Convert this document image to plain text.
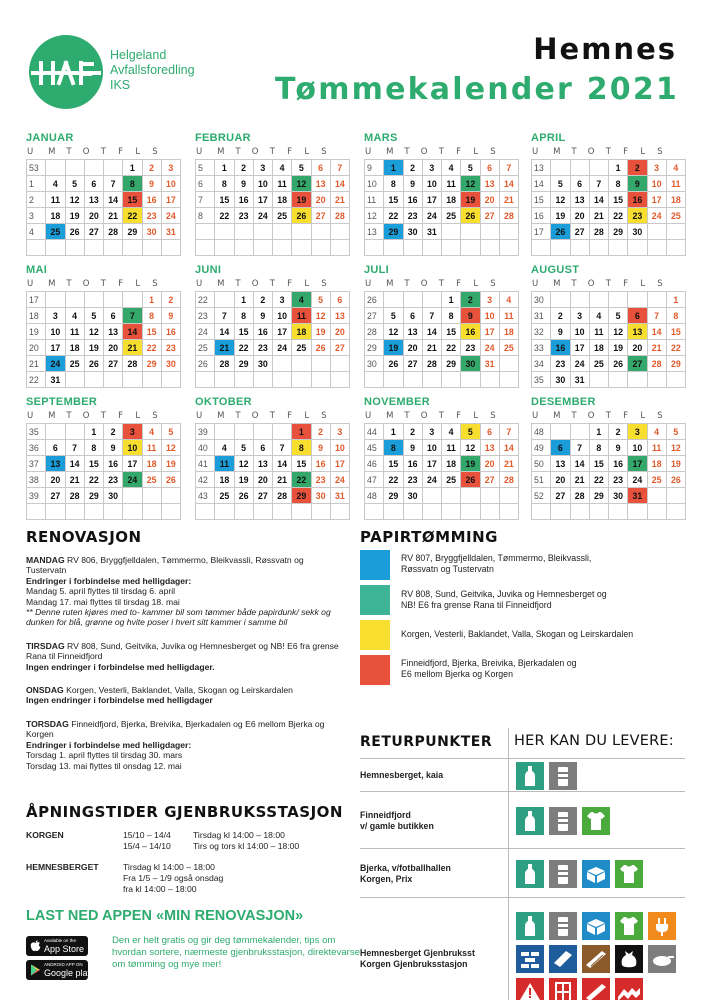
Helgeland
Avfallsforedling
IKS
Hemnes
Tømmekalender 2021
JANUAR
U	M	T	O	T	F	L	S
53					1	2	3
1	4	5	6	7	8	9	10
2	11	12	13	14	15	16	17
3	18	19	20	21	22	23	24
4	25	26	27	28	29	30	31

FEBRUAR
U	M	T	O	T	F	L	S
5	1	2	3	4	5	6	7
6	8	9	10	11	12	13	14
7	15	16	17	18	19	20	21
8	22	23	24	25	26	27	28

MARS
U	M	T	O	T	F	L	S
9	1	2	3	4	5	6	7
10	8	9	10	11	12	13	14
11	15	16	17	18	19	20	21
12	22	23	24	25	26	27	28
13	29	30	31				

APRIL
U	M	T	O	T	F	L	S
13				1	2	3	4
14	5	6	7	8	9	10	11
15	12	13	14	15	16	17	18
16	19	20	21	22	23	24	25
17	26	27	28	29	30		

MAI
U	M	T	O	T	F	L	S
17						1	2
18	3	4	5	6	7	8	9
19	10	11	12	13	14	15	16
20	17	18	19	20	21	22	23
21	24	25	26	27	28	29	30
22	31						
JUNI
U	M	T	O	T	F	L	S
22		1	2	3	4	5	6
23	7	8	9	10	11	12	13
24	14	15	16	17	18	19	20
25	21	22	23	24	25	26	27
26	28	29	30				

JULI
U	M	T	O	T	F	L	S
26				1	2	3	4
27	5	6	7	8	9	10	11
28	12	13	14	15	16	17	18
29	19	20	21	22	23	24	25
30	26	27	28	29	30	31	

AUGUST
U	M	T	O	T	F	L	S
30							1
31	2	3	4	5	6	7	8
32	9	10	11	12	13	14	15
33	16	17	18	19	20	21	22
34	23	24	25	26	27	28	29
35	30	31					
SEPTEMBER
U	M	T	O	T	F	L	S
35			1	2	3	4	5
36	6	7	8	9	10	11	12
37	13	14	15	16	17	18	19
38	20	21	22	23	24	25	26
39	27	28	29	30			

OKTOBER
U	M	T	O	T	F	L	S
39					1	2	3
40	4	5	6	7	8	9	10
41	11	12	13	14	15	16	17
42	18	19	20	21	22	23	24
43	25	26	27	28	29	30	31

NOVEMBER
U	M	T	O	T	F	L	S
44	1	2	3	4	5	6	7
45	8	9	10	11	12	13	14
46	15	16	17	18	19	20	21
47	22	23	24	25	26	27	28
48	29	30					

DESEMBER
U	M	T	O	T	F	L	S
48			1	2	3	4	5
49	6	7	8	9	10	11	12
50	13	14	15	16	17	18	19
51	20	21	22	23	24	25	26
52	27	28	29	30	31		

RENOVASJON
MANDAG RV 806, Bryggfjelldalen, Tømmermo, Bleikvassli, Røssvatn og Tustervatn
Endringer i forbindelse med helligdager:
Mandag 5. april flyttes til tirsdag 6. april
Mandag 17. mai flyttes til tirsdag 18. mai
** Denne ruten kjøres med to- kammer bil som tømmer både papirdunk/ sekk og dunken for blå, grønne og hvite poser i hvert sitt kammer i samme bil
TIRSDAG RV 808, Sund, Geitvika, Juvika og Hemnesberget og NB! E6 fra grense Rana til Finneidfjord
Ingen endringer i forbindelse med helligdager.
ONSDAG Korgen, Vesterli, Baklandet, Valla, Skogan og Leirskardalen
Ingen endringer i forbindelse med helligdager
TORSDAG Finneidfjord, Bjerka, Breivika, Bjerkadalen og E6 mellom Bjerka og Korgen
Endringer i forbindelse med helligdager:
Torsdag 1. april flyttes til tirsdag 30. mars
Torsdag 13. mai flyttes til onsdag 12. mai
ÅPNINGSTIDER GJENBRUKSSTASJON
KORGEN	15/10 – 14/4	Tirsdag kl 14:00 – 18:00
15/4 – 14/10	Tirs og tors kl 14:00 – 18:00
HEMNESBERGET	Tirsdag kl 14:00 – 18:00
Fra 1/5 – 1/9 også onsdag
fra kl 14:00 – 18:00
LAST NED APPEN «MIN RENOVASJON»
Available on the
App Store
ANDROID APP ON
Google play
Den er helt gratis og gir deg tømmekalender, tips om hvordan sortere, nærmeste gjenbruksstasjon, direktevarsel om tømming og mye mer!
PAPIRTØMMING
RV 807, Bryggfjelldalen, Tømmermo, Bleikvassli,
Røssvatn og Tustervatn
RV 808, Sund, Geitvika, Juvika og Hemnesberget og
NB! E6 fra grense Rana til Finneidfjord
Korgen, Vesterli, Baklandet, Valla, Skogan og Leirskardalen
Finneidfjord, Bjerka, Breivika, Bjerkadalen og
E6 mellom Bjerka og Korgen
RETURPUNKTER HER KAN DU LEVERE:
Hemnesberget, kaia
Finneidfjord
v/ gamle butikken
Bjerka, v/fotballhallen
Korgen, Prix
Hemnesberget Gjenbruksst
Korgen Gjenbruksstasjon
